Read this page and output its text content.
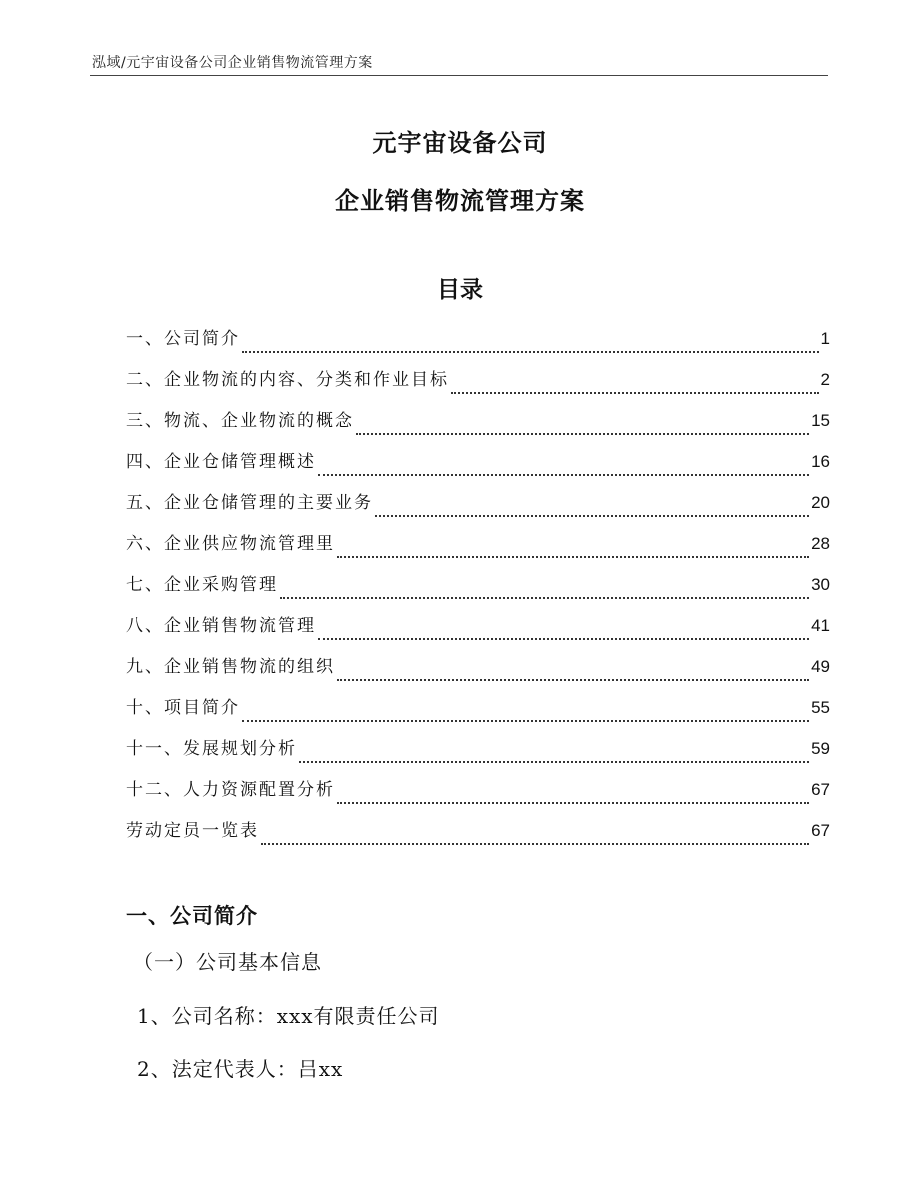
泓域/元宇宙设备公司企业销售物流管理方案
元宇宙设备公司
企业销售物流管理方案
目录
一、 公司简介	1
二、 企业物流的内容、分类和作业目标	2
三、 物流、企业物流的概念	15
四、 企业仓储管理概述	16
五、 企业仓储管理的主要业务	20
六、 企业供应物流管理里	28
七、 企业采购管理	30
八、 企业销售物流管理	41
九、 企业销售物流的组织	49
十、 项目简介	55
十一、 发展规划分析	59
十二、 人力资源配置分析	67
劳动定员一览表	67
一、公司简介
（一）公司基本信息
1、公司名称：xxx有限责任公司
2、法定代表人：吕xx
